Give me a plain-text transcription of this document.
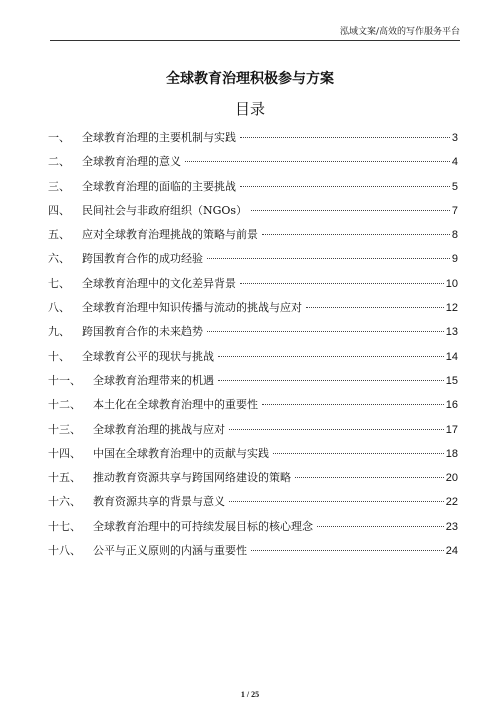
泓域文案/高效的写作服务平台
全球教育治理积极参与方案
目录
一、	全球教育治理的主要机制与实践	3
二、	全球教育治理的意义	4
三、	全球教育治理的面临的主要挑战	5
四、	民间社会与非政府组织（NGOs）	7
五、	应对全球教育治理挑战的策略与前景	8
六、	跨国教育合作的成功经验	9
七、	全球教育治理中的文化差异背景	10
八、	全球教育治理中知识传播与流动的挑战与应对	12
九、	跨国教育合作的未来趋势	13
十、	全球教育公平的现状与挑战	14
十一、	全球教育治理带来的机遇	15
十二、	本土化在全球教育治理中的重要性	16
十三、	全球教育治理的挑战与应对	17
十四、	中国在全球教育治理中的贡献与实践	18
十五、	推动教育资源共享与跨国网络建设的策略	20
十六、	教育资源共享的背景与意义	22
十七、	全球教育治理中的可持续发展目标的核心理念	23
十八、	公平与正义原则的内涵与重要性	24
1 / 25
